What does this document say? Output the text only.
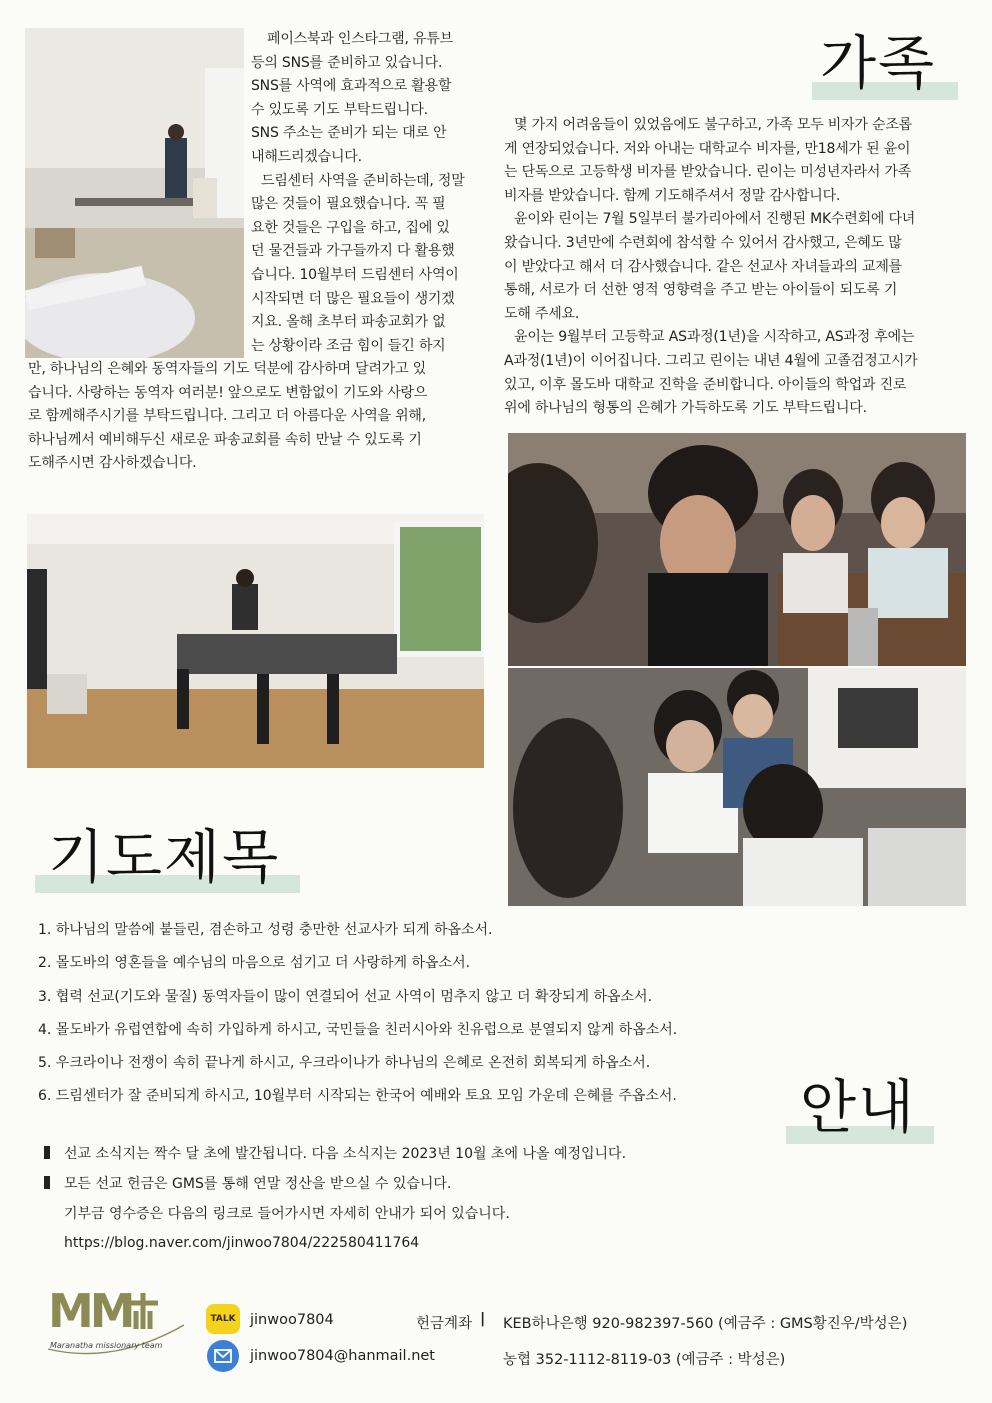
페이스북과 인스타그램, 유튜브

등의 SNS를 준비하고 있습니다.

SNS를 사역에 효과적으로 활용할

수 있도록 기도 부탁드립니다.

SNS 주소는 준비가 되는 대로 안

내해드리겠습니다.

드림센터 사역을 준비하는데, 정말

많은 것들이 필요했습니다. 꼭 필

요한 것들은 구입을 하고, 집에 있

던 물건들과 가구들까지 다 활용했

습니다. 10월부터 드림센터 사역이

시작되면 더 많은 필요들이 생기겠

지요. 올해 초부터 파송교회가 없

는 상황이라 조금 힘이 들긴 하지

만, 하나님의 은혜와 동역자들의 기도 덕분에 감사하며 달려가고 있

습니다. 사랑하는 동역자 여러분! 앞으로도 변함없이 기도와 사랑으

로 함께해주시기를 부탁드립니다. 그리고 더 아름다운 사역을 위해,

하나님께서 예비해두신 새로운 파송교회를 속히 만날 수 있도록 기

도해주시면 감사하겠습니다.

가족

몇 가지 어려움들이 있었음에도 불구하고, 가족 모두 비자가 순조롭

게 연장되었습니다. 저와 아내는 대학교수 비자를, 만18세가 된 윤이

는 단독으로 고등학생 비자를 받았습니다. 린이는 미성년자라서 가족

비자를 받았습니다. 함께 기도해주셔서 정말 감사합니다.

윤이와 린이는 7월 5일부터 불가리아에서 진행된 MK수련회에 다녀

왔습니다. 3년만에 수련회에 참석할 수 있어서 감사했고, 은혜도 많

이 받았다고 해서 더 감사했습니다. 같은 선교사 자녀들과의 교제를

통해, 서로가 더 선한 영적 영향력을 주고 받는 아이들이 되도록 기

도해 주세요.

윤이는 9월부터 고등학교 AS과정(1년)을 시작하고, AS과정 후에는

A과정(1년)이 이어집니다. 그리고 린이는 내년 4월에 고졸검정고시가

있고, 이후 몰도바 대학교 진학을 준비합니다. 아이들의 학업과 진로

위에 하나님의 형통의 은혜가 가득하도록 기도 부탁드립니다.

기도제목
1. 하나님의 말씀에 붙들린, 겸손하고 성령 충만한 선교사가 되게 하옵소서.
2. 몰도바의 영혼들을 예수님의 마음으로 섬기고 더 사랑하게 하옵소서.
3. 협력 선교(기도와 물질) 동역자들이 많이 연결되어 선교 사역이 멈추지 않고 더 확장되게 하옵소서.
4. 몰도바가 유럽연합에 속히 가입하게 하시고, 국민들을 친러시아와 친유럽으로 분열되지 않게 하옵소서.
5. 우크라이나 전쟁이 속히 끝나게 하시고, 우크라이나가 하나님의 은혜로 온전히 회복되게 하옵소서.
6. 드림센터가 잘 준비되게 하시고, 10월부터 시작되는 한국어 예배와 토요 모임 가운데 은혜를 주옵소서.	안내
선교 소식지는 짝수 달 초에 발간됩니다. 다음 소식지는 2023년 10월 초에 나올 예정입니다.
모든 선교 헌금은 GMS를 통해 연말 정산을 받으실 수 있습니다.
기부금 영수증은 다음의 링크로 들어가시면 자세히 안내가 되어 있습니다.
https://blog.naver.com/jinwoo7804/222580411764
MM
Maranatha missionary team
TALK jinwoo7804
jinwoo7804@hanmail.net
헌금계좌 | KEB하나은행 920-982397-560 (예금주 : GMS황진우/박성은)
농협 352-1112-8119-03 (예금주 : 박성은)
